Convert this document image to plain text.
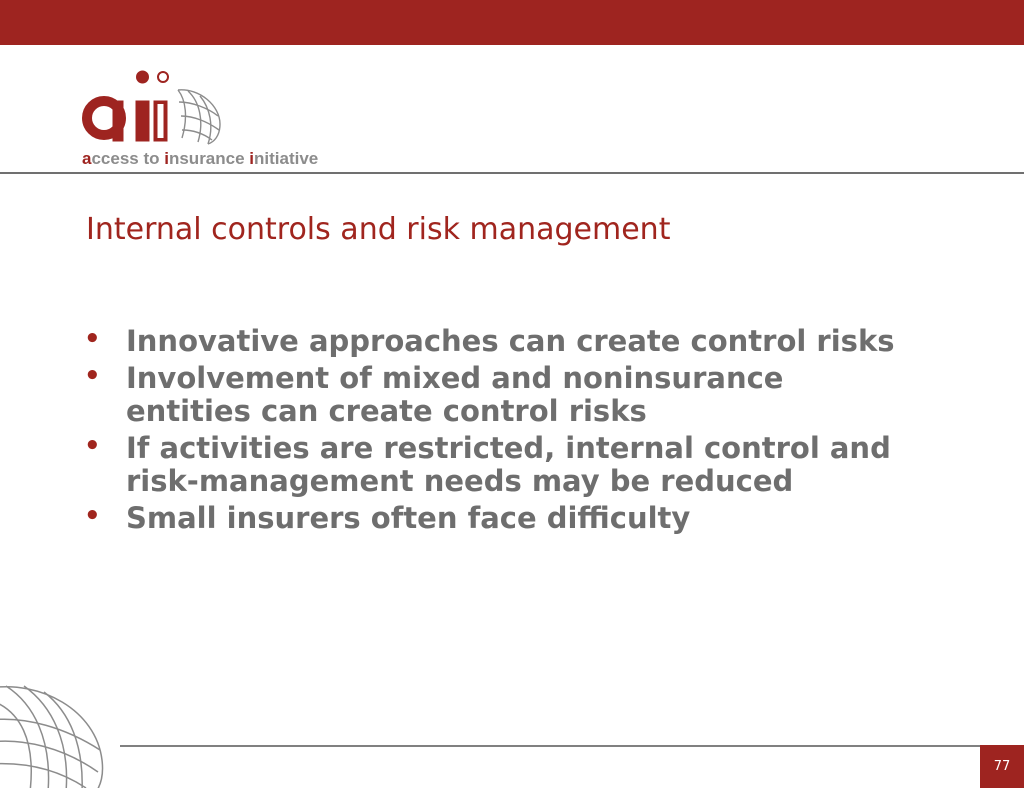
access to insurance initiative
Internal controls and risk management
• Innovative approaches can create control risks
• Involvement of mixed and noninsurance
entities can create control risks
• If activities are restricted, internal control and
risk-management needs may be reduced
• Small insurers often face difficulty
77
